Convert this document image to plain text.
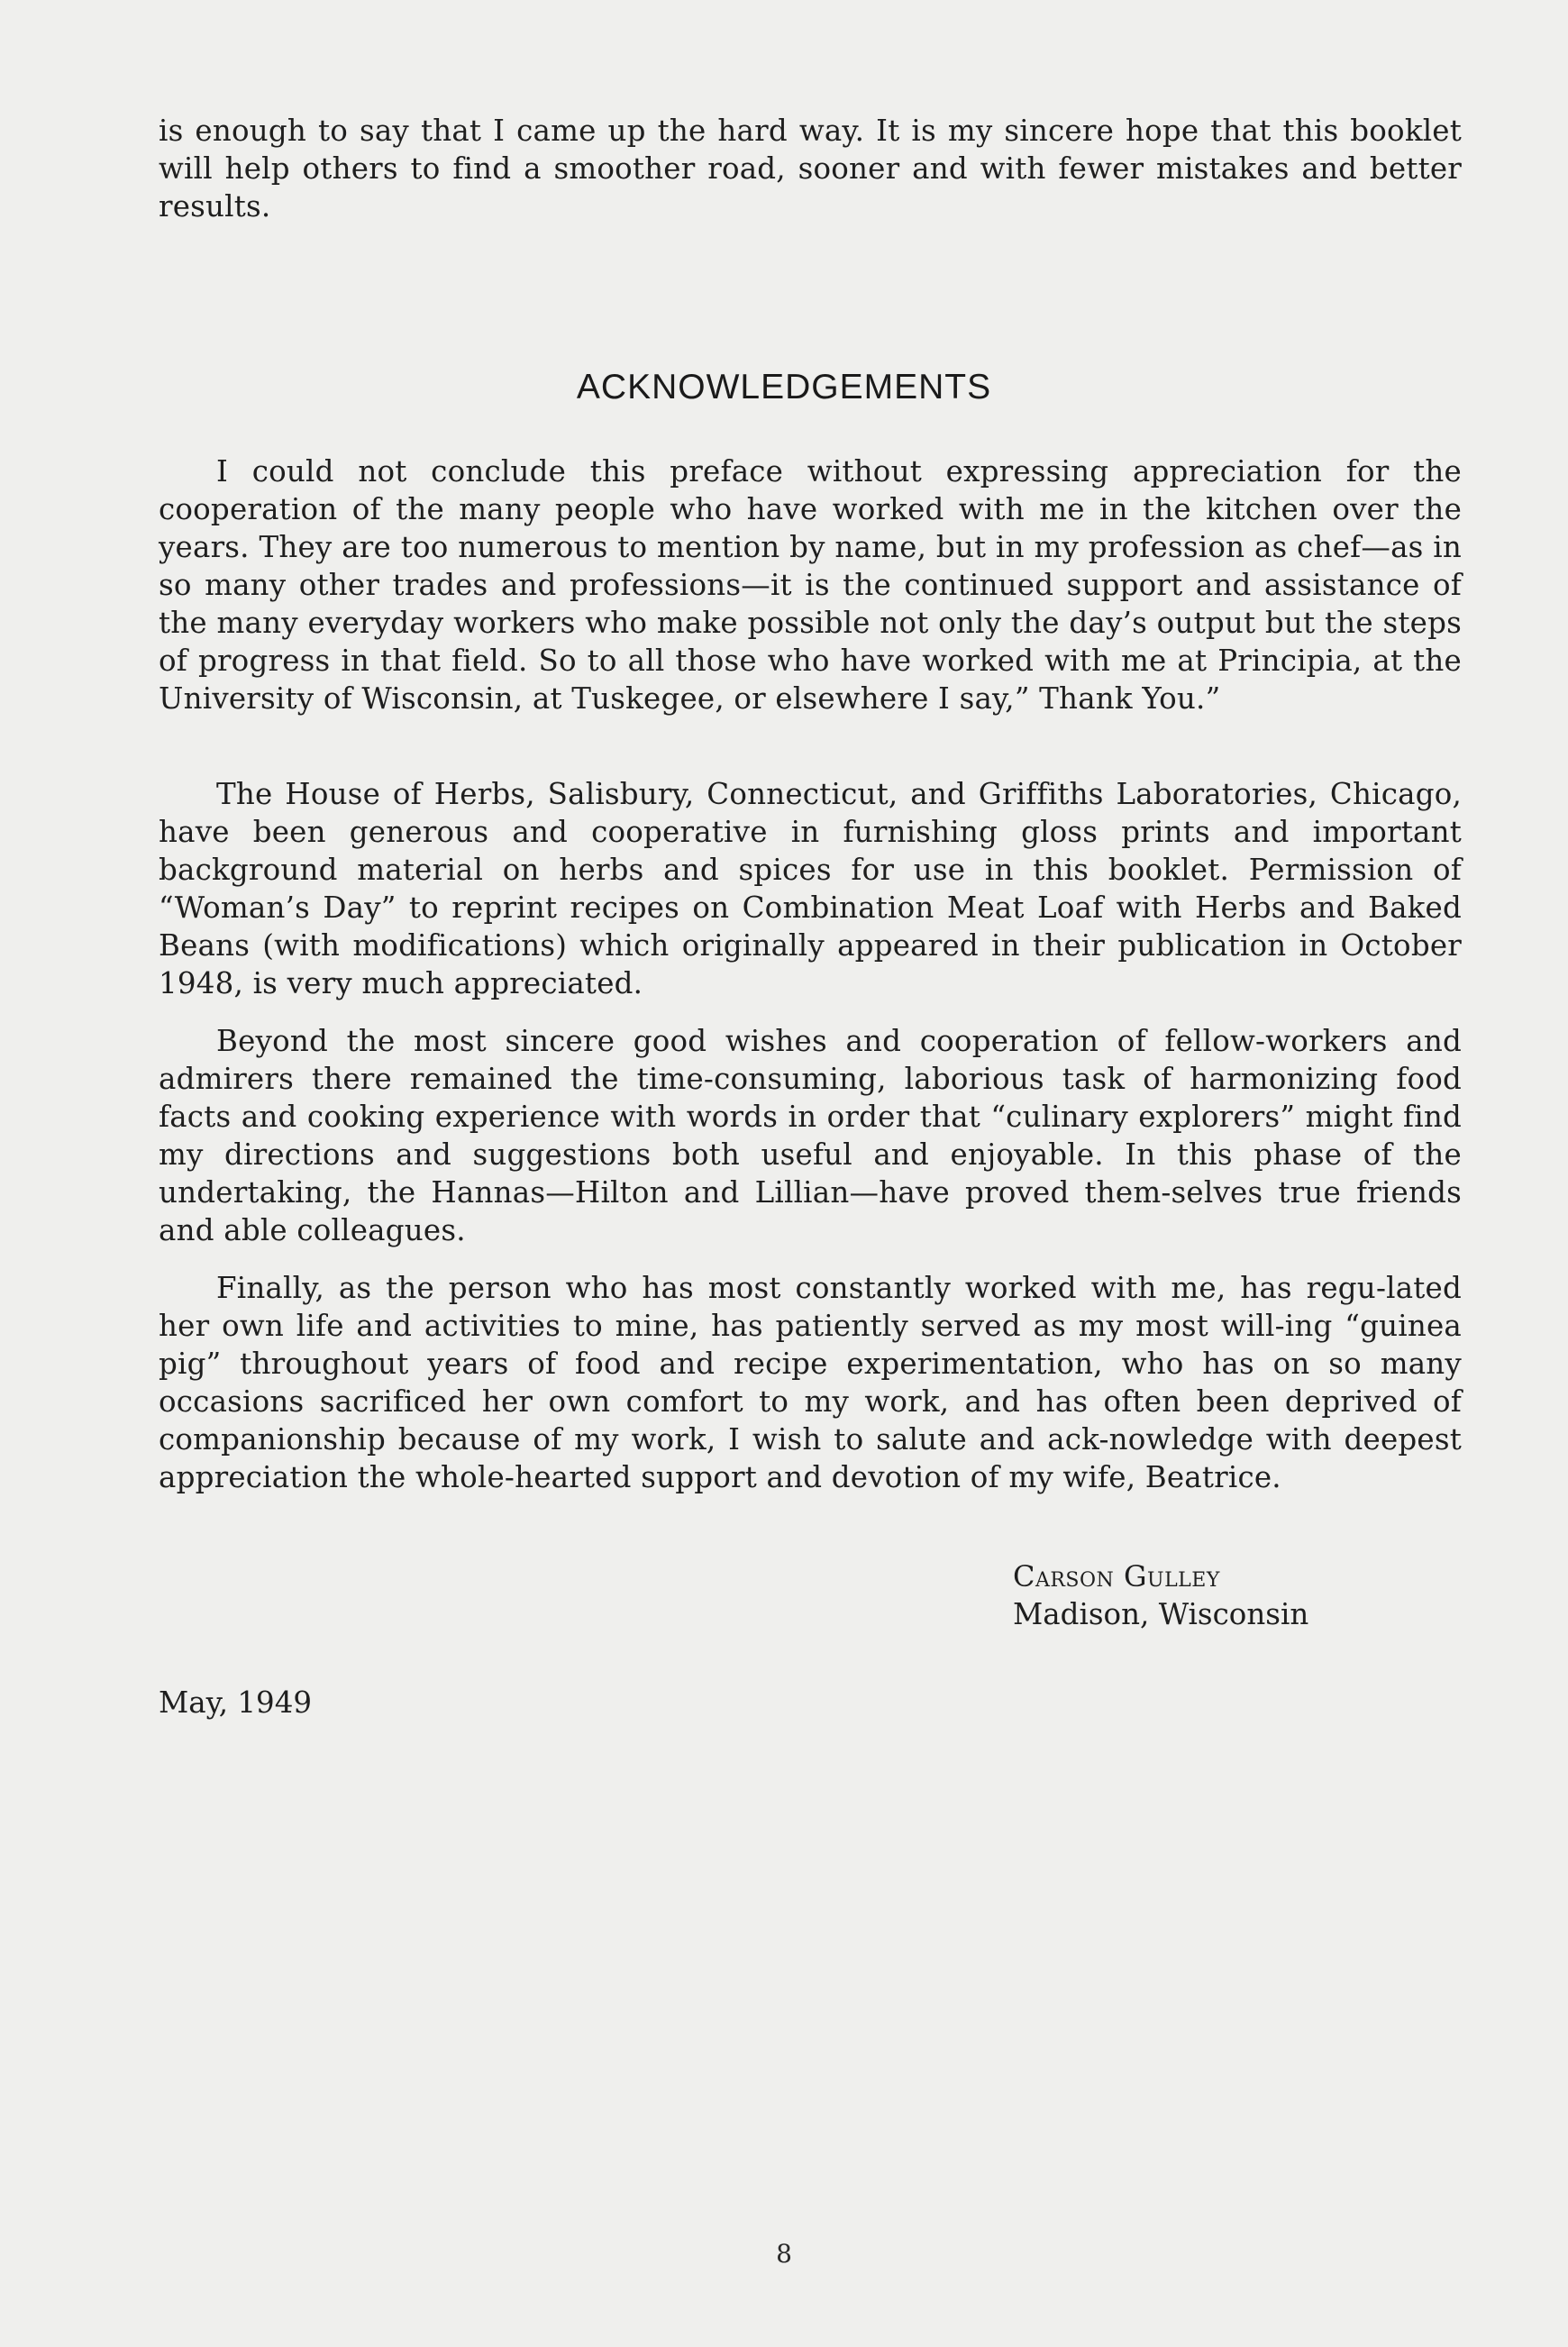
is enough to say that I came up the hard way. It is my sincere hope that this booklet will help others to find a smoother road, sooner and with fewer mistakes and better results.

ACKNOWLEDGEMENTS

I could not conclude this preface without expressing appreciation for the cooperation of the many people who have worked with me in the kitchen over the years. They are too numerous to mention by name, but in my profession as chef—as in so many other trades and professions—it is the continued support and assistance of the many everyday workers who make possible not only the day’s output but the steps of progress in that field. So to all those who have worked with me at Principia, at the University of Wisconsin, at Tuskegee, or elsewhere I say,” Thank You.”

The House of Herbs, Salisbury, Connecticut, and Griffiths Laboratories, Chicago, have been generous and cooperative in furnishing gloss prints and important background material on herbs and spices for use in this booklet. Permission of “Woman’s Day” to reprint recipes on Combination Meat Loaf with Herbs and Baked Beans (with modifications) which originally appeared in their publication in October 1948, is very much appreciated.

Beyond the most sincere good wishes and cooperation of fellow-workers and admirers there remained the time-consuming, laborious task of harmonizing food facts and cooking experience with words in order that “culinary explorers” might find my directions and suggestions both useful and enjoyable. In this phase of the undertaking, the Hannas—Hilton and Lillian—have proved them-selves true friends and able colleagues.

Finally, as the person who has most constantly worked with me, has regu-lated her own life and activities to mine, has patiently served as my most will-ing “guinea pig” throughout years of food and recipe experimentation, who has on so many occasions sacrificed her own comfort to my work, and has often been deprived of companionship because of my work, I wish to salute and ack-nowledge with deepest appreciation the whole-hearted support and devotion of my wife, Beatrice.

Carson Gulley
Madison, Wisconsin
May, 1949
8
